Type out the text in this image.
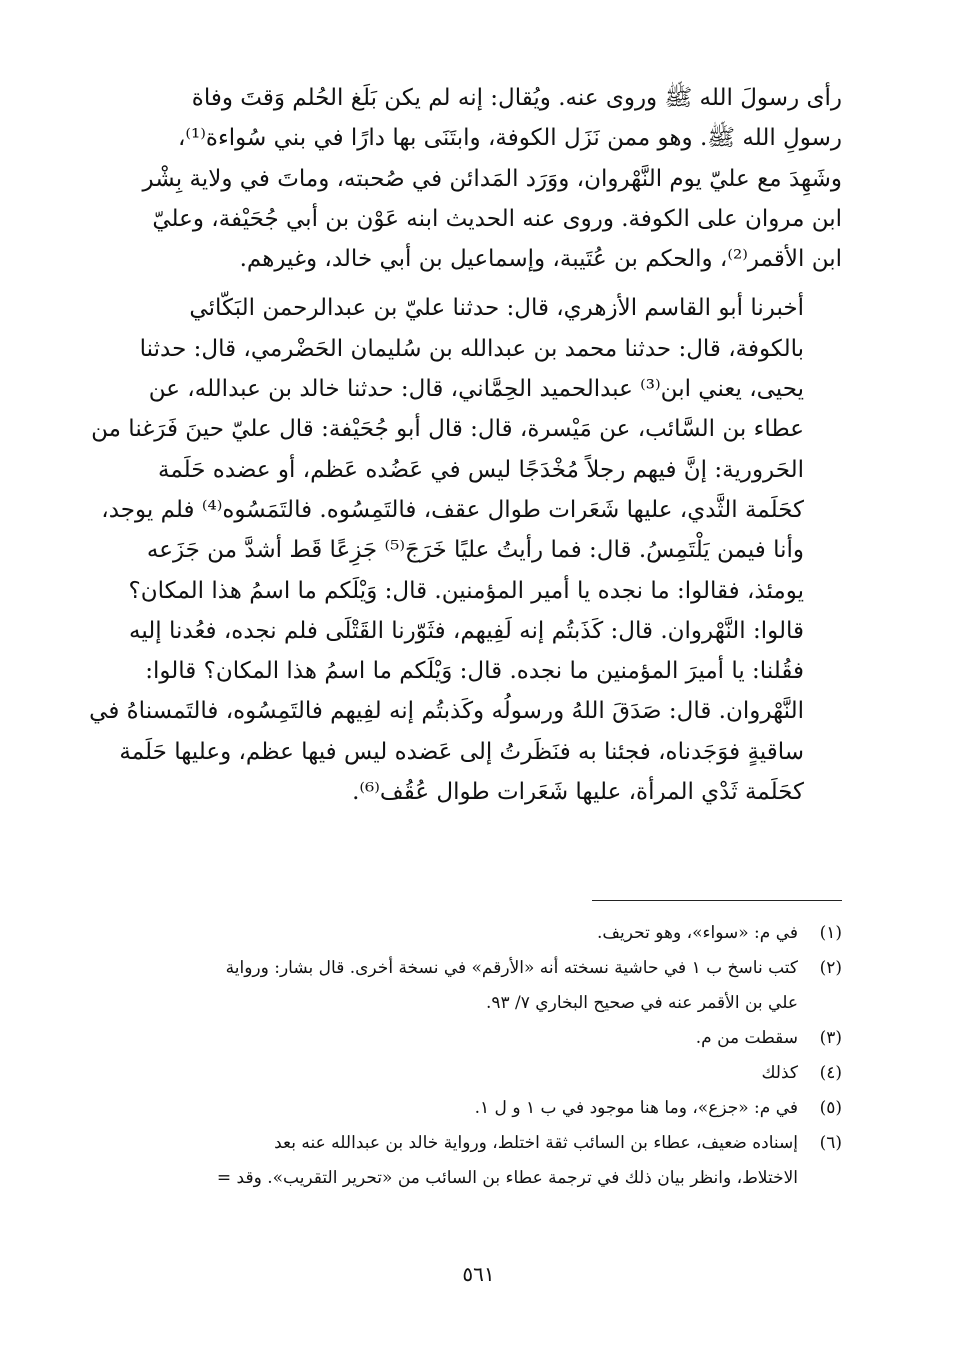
رأى رسولَ الله ﷺ وروى عنه. ويُقال: إنه لم يكن بَلَغ الحُلم وَقتَ وفاة
رسولِ الله ﷺ. وهو ممن نَزَل الكوفة، وابتَنَى بها دارًا في بني سُواءة⁽¹⁾،
وشَهِدَ مع عليّ يوم النَّهْروان، ووَرَد المَدائن في صُحبته، وماتَ في ولاية بِشْر
ابن مروان على الكوفة. وروى عنه الحديث ابنه عَوْن بن أبي جُحَيْفة، وعليّ
ابن الأقمر⁽²⁾، والحكم بن عُتَيبة، وإسماعيل بن أبي خالد، وغيرهم.
أخبرنا أبو القاسم الأزهري، قال: حدثنا عليّ بن عبدالرحمن البَكّائي
بالكوفة، قال: حدثنا محمد بن عبدالله بن سُليمان الحَضْرمي، قال: حدثنا
يحيى، يعني ابن⁽³⁾ عبدالحميد الحِمَّاني، قال: حدثنا خالد بن عبدالله، عن
عطاء بن السَّائب، عن مَيْسرة، قال: قال أبو جُحَيْفة: قال عليّ حينَ فَرَغنا من
الحَرورية: إنَّ فيهم رجلاً مُخْدَجًا ليس في عَضُده عَظم، أو عضده حَلَمة
كحَلَمة الثَّدي، عليها شَعَرات طوال عقف، فالتَمِسُوه. فالتَمَسُوه⁽⁴⁾ فلم يوجد،
وأنا فيمن يَلْتَمِسُ. قال: فما رأيتُ عليًا خَرَجَ⁽⁵⁾ جَزِعًا قَط أشدَّ من جَزَعه
يومئذ، فقالوا: ما نجده يا أمير المؤمنين. قال: وَيْلَكم ما اسمُ هذا المكان؟
قالوا: النَّهْروان. قال: كَذَبتُم إنه لَفِيهم، فثَوّرنا القَتْلَى فلم نجده، فعُدنا إليه
فقُلنا: يا أميرَ المؤمنين ما نجده. قال: وَيْلَكم ما اسمُ هذا المكان؟ قالوا:
النَّهْروان. قال: صَدَقَ اللهُ ورسولُه وكَذبتُم إنه لفِيهم فالتَمِسُوه، فالتَمسناهُ في
ساقيةٍ فوَجَدناه، فجئنا به فنَظَرتُ إلى عَضده ليس فيها عظم، وعليها حَلَمة
كحَلَمة ثَدْي المرأة، عليها شَعَرات طوال عُقُف⁽⁶⁾.
(١)
في م: «سواء»، وهو تحريف.
(٢)
كتب ناسخ ب ١ في حاشية نسخته أنه «الأرقم» في نسخة أخرى. قال بشار: ورواية
علي بن الأقمر عنه في صحيح البخاري ٧/ ٩٣.
(٣)
سقطت من م.
(٤)
كذلك
(٥)
في م: «جزع»، وما هنا موجود في ب ١ و ل ١.
(٦)
إسناده ضعيف، عطاء بن السائب ثقة اختلط، ورواية خالد بن عبدالله عنه بعد
الاختلاط، وانظر بيان ذلك في ترجمة عطاء بن السائب من «تحرير التقريب». وقد =
٥٦١
